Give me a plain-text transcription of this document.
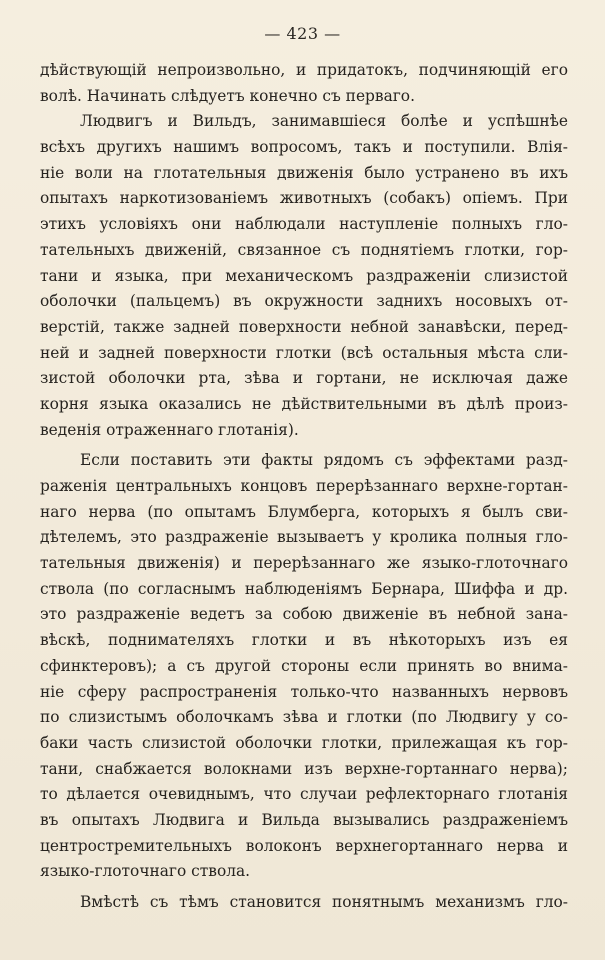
— 423 —
дѣйствующій непроизвольно, и придатокъ, подчиняющій его
волѣ. Начинать слѣдуетъ конечно съ перваго.
Людвигъ и Вильдъ, занимавшіеся болѣе и успѣшнѣе
всѣхъ другихъ нашимъ вопросомъ, такъ и поступили. Влія-
ніе воли на глотательныя движенія было устранено въ ихъ
опытахъ наркотизованіемъ животныхъ (собакъ) опіемъ. При
этихъ условіяхъ они наблюдали наступленіе полныхъ гло-
тательныхъ движеній, связанное съ поднятіемъ глотки, гор-
тани и языка, при механическомъ раздраженіи слизистой
оболочки (пальцемъ) въ окружности заднихъ носовыхъ от-
верстій, также задней поверхности небной занавѣски, перед-
ней и задней поверхности глотки (всѣ остальныя мѣста сли-
зистой оболочки рта, зѣва и гортани, не исключая даже
корня языка оказались не дѣйствительными въ дѣлѣ произ-
веденія отраженнаго глотанія).
Если поставить эти факты рядомъ съ эффектами разд-
раженія центральныхъ концовъ перерѣзаннаго верхне-гортан-
наго нерва (по опытамъ Блумберга, которыхъ я былъ сви-
дѣтелемъ, это раздраженіе вызываетъ у кролика полныя гло-
тательныя движенія) и перерѣзаннаго же языко-глоточнаго
ствола (по согласнымъ наблюденіямъ Бернара, Шиффа и др.
это раздраженіе ведетъ за собою движеніе въ небной зана-
вѣскѣ, поднимателяхъ глотки и въ нѣкоторыхъ изъ ея
сфинктеровъ); а съ другой стороны если принять во внима-
ніе сферу распространенія только-что названныхъ нервовъ
по слизистымъ оболочкамъ зѣва и глотки (по Людвигу у со-
баки часть слизистой оболочки глотки, прилежащая къ гор-
тани, снабжается волокнами изъ верхне-гортаннаго нерва);
то дѣлается очевиднымъ, что случаи рефлекторнаго глотанія
въ опытахъ Людвига и Вильда вызывались раздраженіемъ
центростремительныхъ волоконъ верхнегортаннаго нерва и
языко-глоточнаго ствола.
Вмѣстѣ съ тѣмъ становится понятнымъ механизмъ гло-
